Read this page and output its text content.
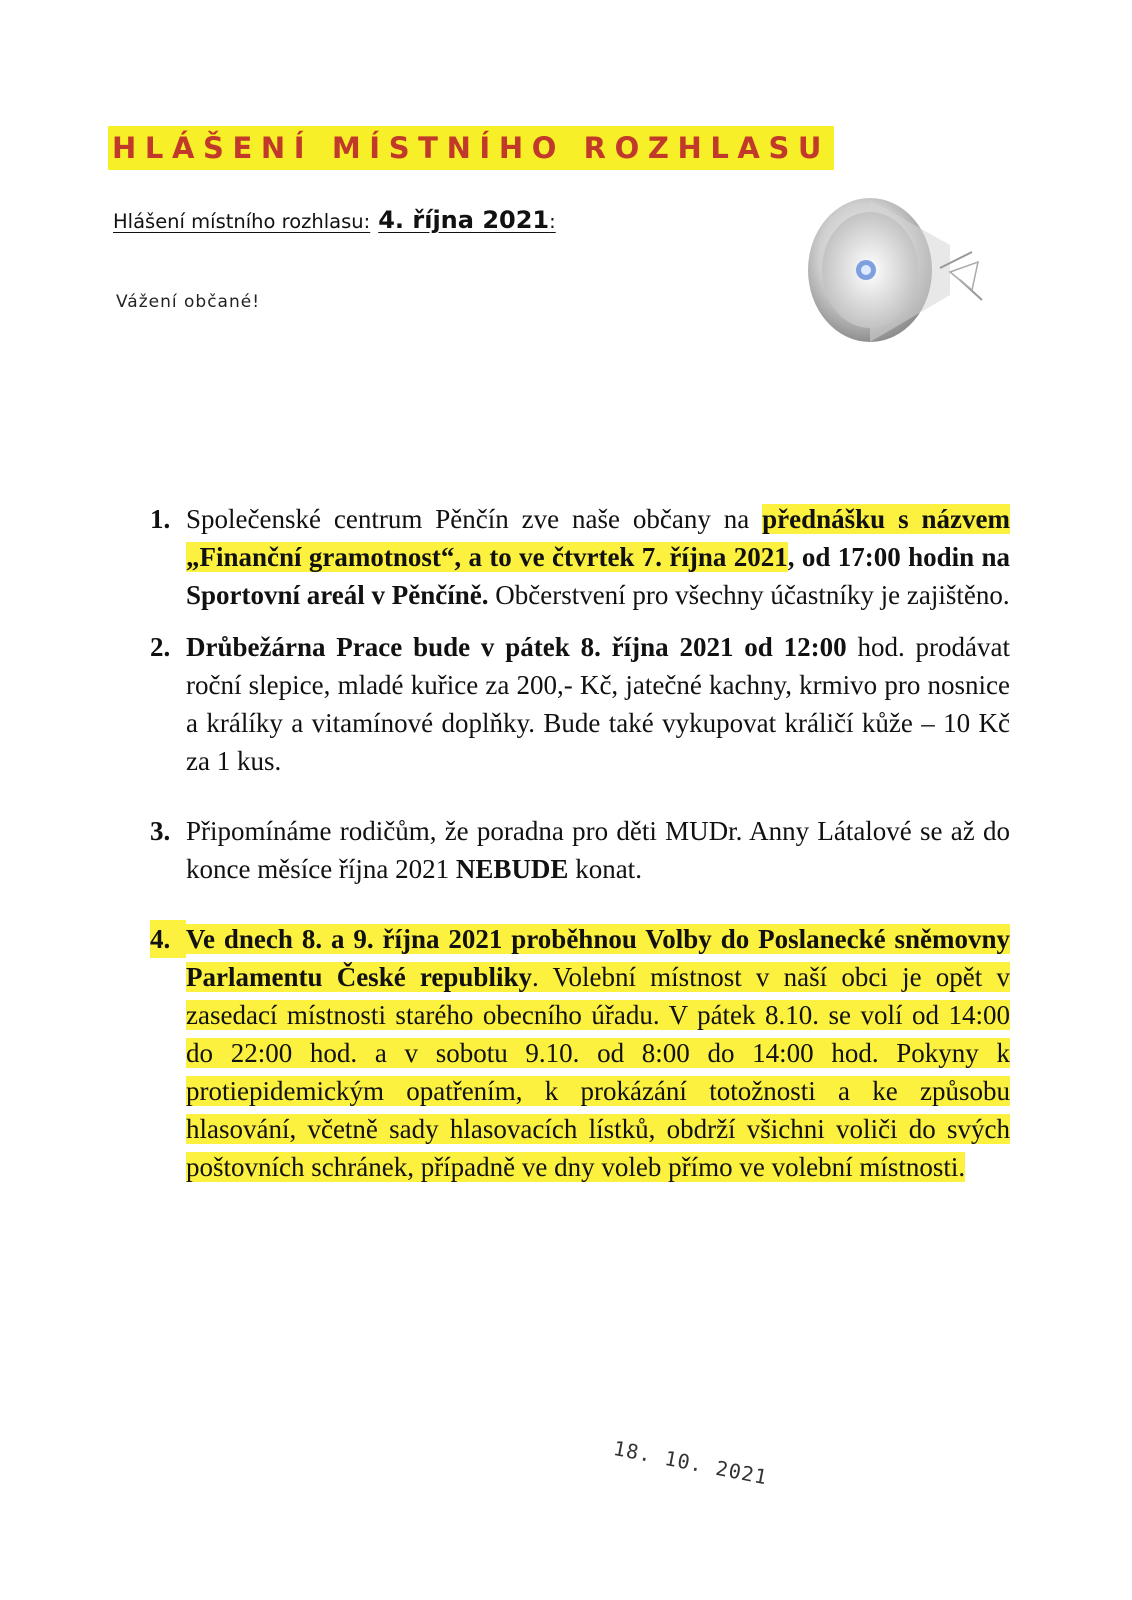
HLÁŠENÍ MÍSTNÍHO ROZHLASU
Hlášení místního rozhlasu: 4. října 2021:
Vážení občané!
1. Společenské centrum Pěnčín zve naše občany na přednášku s názvem „Finanční gramotnost“, a to ve čtvrtek 7. října 2021, od 17:00 hodin na Sportovní areál v Pěnčíně. Občerstvení pro všechny účastníky je zajištěno.
2. Drůbežárna Prace bude v pátek 8. října 2021 od 12:00 hod. prodávat roční slepice, mladé kuřice za 200,- Kč, jatečné kachny, krmivo pro nosnice a králíky a vitamínové doplňky. Bude také vykupovat králičí kůže – 10 Kč za 1 kus.
3. Připomínáme rodičům, že poradna pro děti MUDr. Anny Látalové se až do konce měsíce října 2021 NEBUDE konat.
4. Ve dnech 8. a 9. října 2021 proběhnou Volby do Poslanecké sněmovny Parlamentu České republiky. Volební místnost v naší obci je opět v zasedací místnosti starého obecního úřadu. V pátek 8.10. se volí od 14:00 do 22:00 hod. a v sobotu 9.10. od 8:00 do 14:00 hod. Pokyny k protiepidemickým opatřením, k prokázání totožnosti a ke způsobu hlasování, včetně sady hlasovacích lístků, obdrží všichni voliči do svých poštovních schránek, případně ve dny voleb přímo ve volební místnosti.
18. 10. 2021
